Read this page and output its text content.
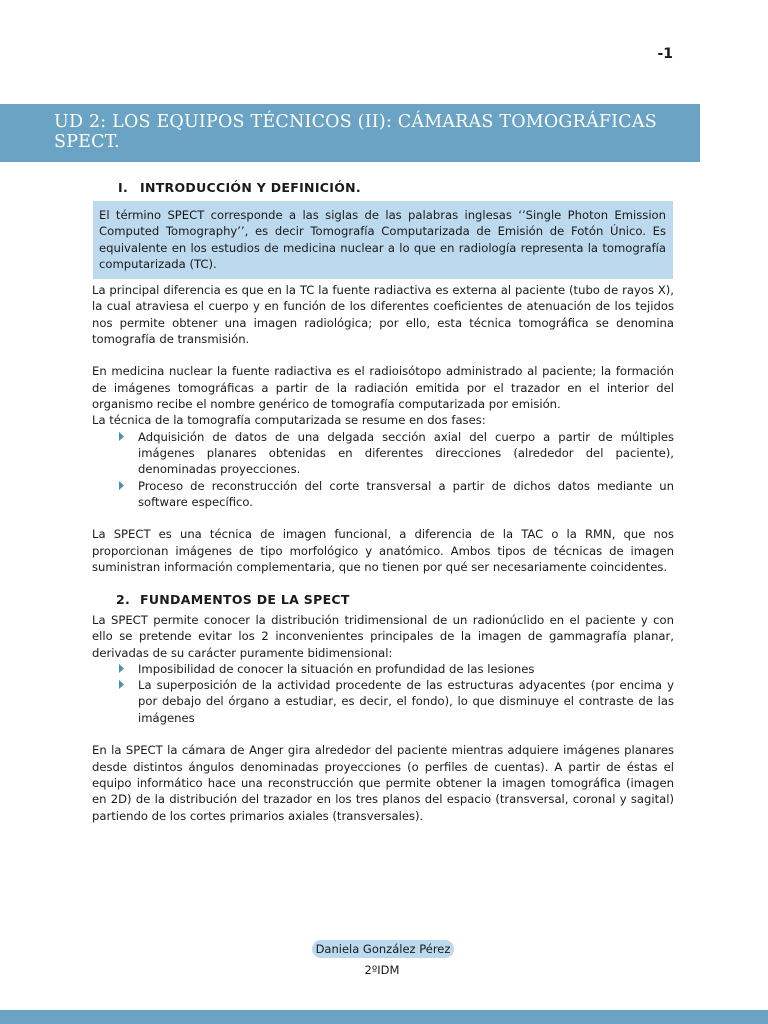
-1
UD 2: LOS EQUIPOS TÉCNICOS (II): CÁMARAS TOMOGRÁFICAS SPECT.
I. INTRODUCCIÓN Y DEFINICIÓN.

El término SPECT corresponde a las siglas de las palabras inglesas ‘’Single Photon Emission Computed Tomography’’, es decir Tomografía Computarizada de Emisión de Fotón Único. Es equivalente en los estudios de medicina nuclear a lo que en radiología representa la tomografía computarizada (TC).

La principal diferencia es que en la TC la fuente radiactiva es externa al paciente (tubo de rayos X), la cual atraviesa el cuerpo y en función de los diferentes coeficientes de atenuación de los tejidos nos permite obtener una imagen radiológica; por ello, esta técnica tomográfica se denomina tomografía de transmisión.

En medicina nuclear la fuente radiactiva es el radioisótopo administrado al paciente; la formación de imágenes tomográficas a partir de la radiación emitida por el trazador en el interior del organismo recibe el nombre genérico de tomografía computarizada por emisión.

La técnica de la tomografía computarizada se resume en dos fases:

Adquisición de datos de una delgada sección axial del cuerpo a partir de múltiples imágenes planares obtenidas en diferentes direcciones (alrededor del paciente), denominadas proyecciones.
Proceso de reconstrucción del corte transversal a partir de dichos datos mediante un software específico.

La SPECT es una técnica de imagen funcional, a diferencia de la TAC o la RMN, que nos proporcionan imágenes de tipo morfológico y anatómico. Ambos tipos de técnicas de imagen suministran información complementaria, que no tienen por qué ser necesariamente coincidentes.

2. FUNDAMENTOS DE LA SPECT

La SPECT permite conocer la distribución tridimensional de un radionúclido en el paciente y con ello se pretende evitar los 2 inconvenientes principales de la imagen de gammagrafía planar, derivadas de su carácter puramente bidimensional:

Imposibilidad de conocer la situación en profundidad de las lesiones
La superposición de la actividad procedente de las estructuras adyacentes (por encima y por debajo del órgano a estudiar, es decir, el fondo), lo que disminuye el contraste de las imágenes

En la SPECT la cámara de Anger gira alrededor del paciente mientras adquiere imágenes planares desde distintos ángulos denominadas proyecciones (o perfiles de cuentas). A partir de éstas el equipo informático hace una reconstrucción que permite obtener la imagen tomográfica (imagen en 2D) de la distribución del trazador en los tres planos del espacio (transversal, coronal y sagital) partiendo de los cortes primarios axiales (transversales).

Daniela González Pérez
2ºIDM
